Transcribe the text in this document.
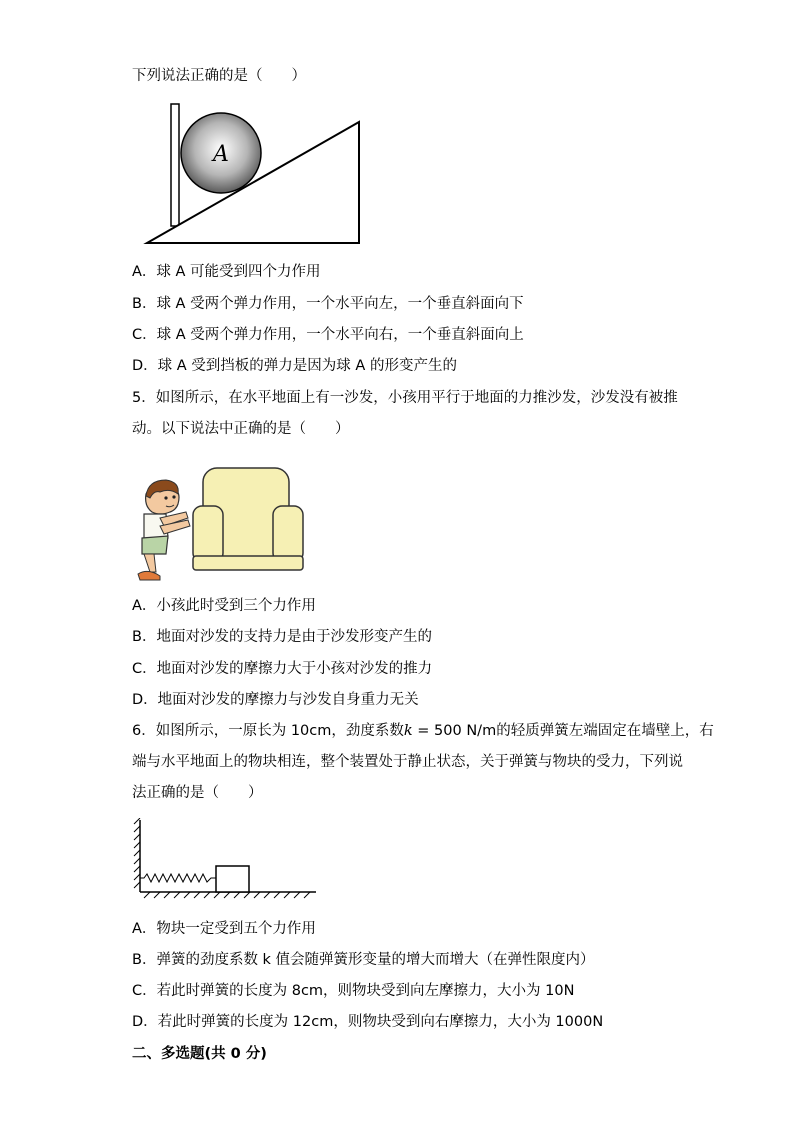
下列说法正确的是（　　）
A
A．球 A 可能受到四个力作用
B．球 A 受两个弹力作用，一个水平向左，一个垂直斜面向下
C．球 A 受两个弹力作用，一个水平向右，一个垂直斜面向上
D．球 A 受到挡板的弹力是因为球 A 的形变产生的
5．如图所示，在水平地面上有一沙发，小孩用平行于地面的力推沙发，沙发没有被推
动。以下说法中正确的是（　　）
A．小孩此时受到三个力作用
B．地面对沙发的支持力是由于沙发形变产生的
C．地面对沙发的摩擦力大于小孩对沙发的推力
D．地面对沙发的摩擦力与沙发自身重力无关
6．如图所示，一原长为 10cm，劲度系数k = 500 N/m的轻质弹簧左端固定在墙壁上，右
端与水平地面上的物块相连，整个装置处于静止状态，关于弹簧与物块的受力，下列说
法正确的是（　　）
A．物块一定受到五个力作用
B．弹簧的劲度系数 k 值会随弹簧形变量的增大而增大（在弹性限度内）
C．若此时弹簧的长度为 8cm，则物块受到向左摩擦力，大小为 10N
D．若此时弹簧的长度为 12cm，则物块受到向右摩擦力，大小为 1000N
二、多选题(共 0 分)
